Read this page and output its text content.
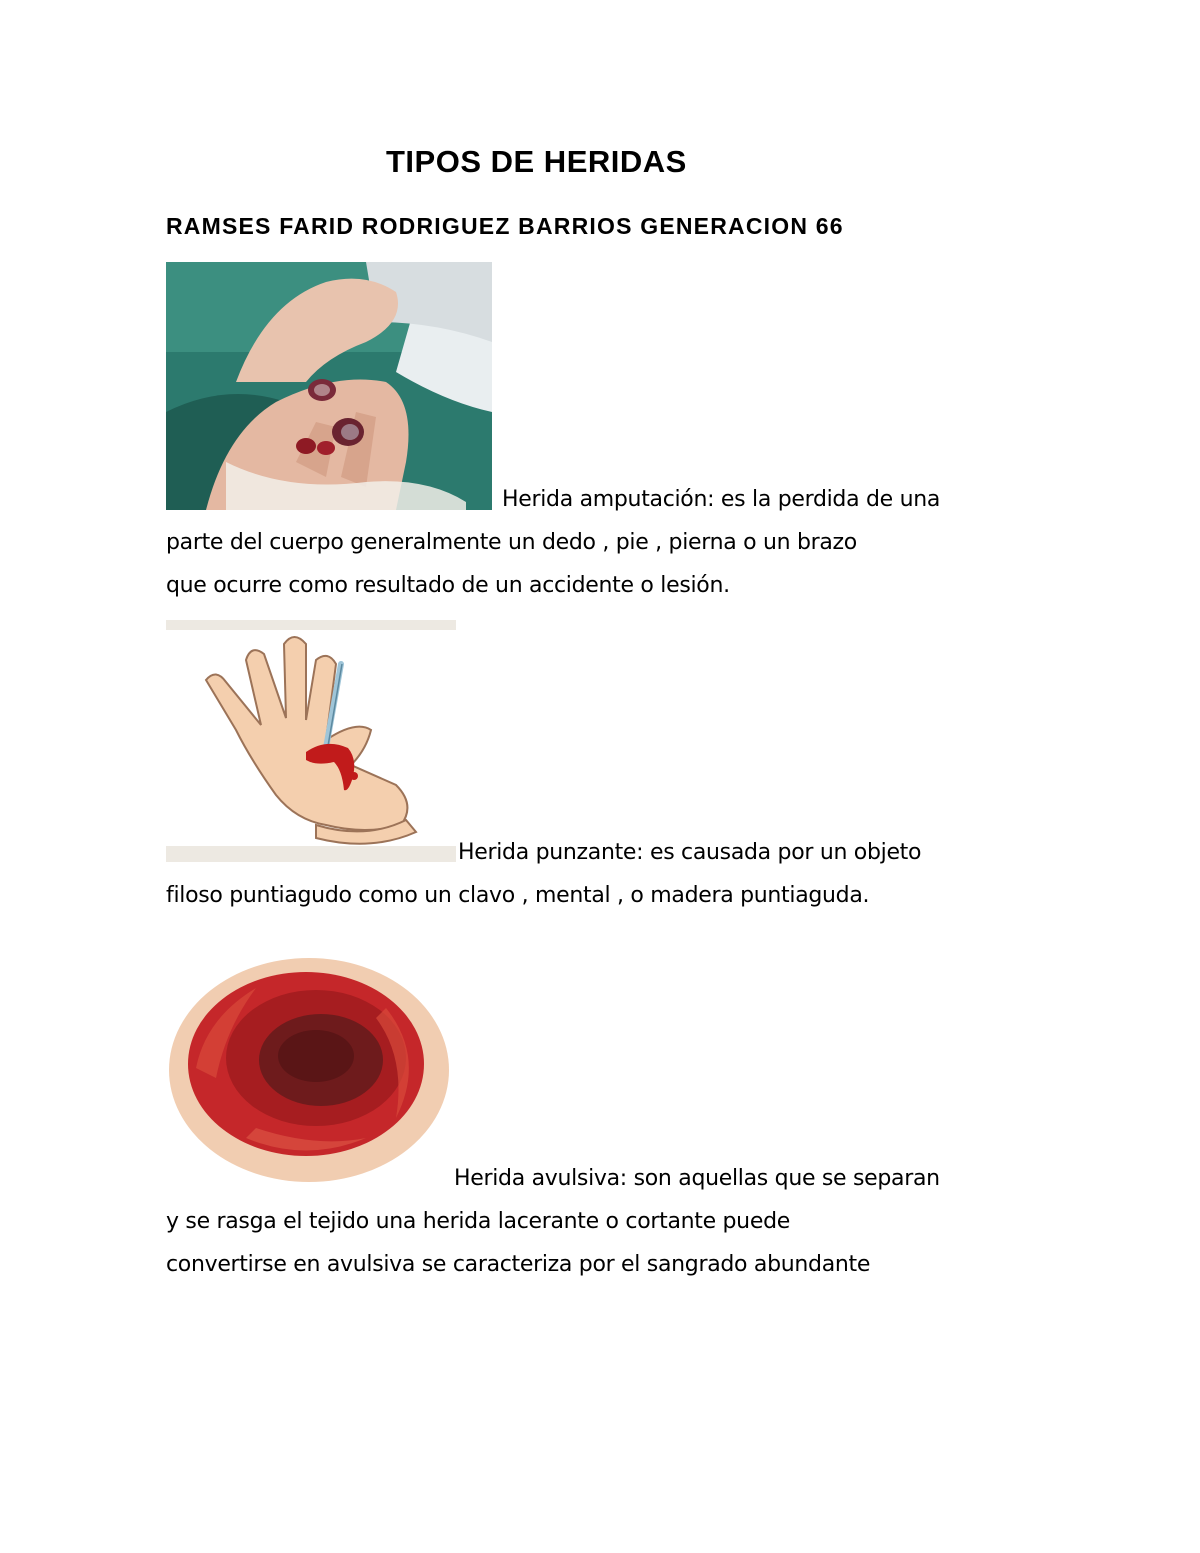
TIPOS DE HERIDAS
RAMSES FARID RODRIGUEZ BARRIOS GENERACION 66

Herida amputación: es la perdida de una
parte del cuerpo generalmente un dedo , pie , pierna o un brazo
que ocurre como resultado de un accidente o lesión.

Herida punzante: es causada por un objeto
filoso puntiagudo como un clavo , mental , o madera puntiaguda.

Herida avulsiva: son aquellas que se separan
y se rasga el tejido una herida lacerante o cortante puede
convertirse en avulsiva se caracteriza por el sangrado abundante
